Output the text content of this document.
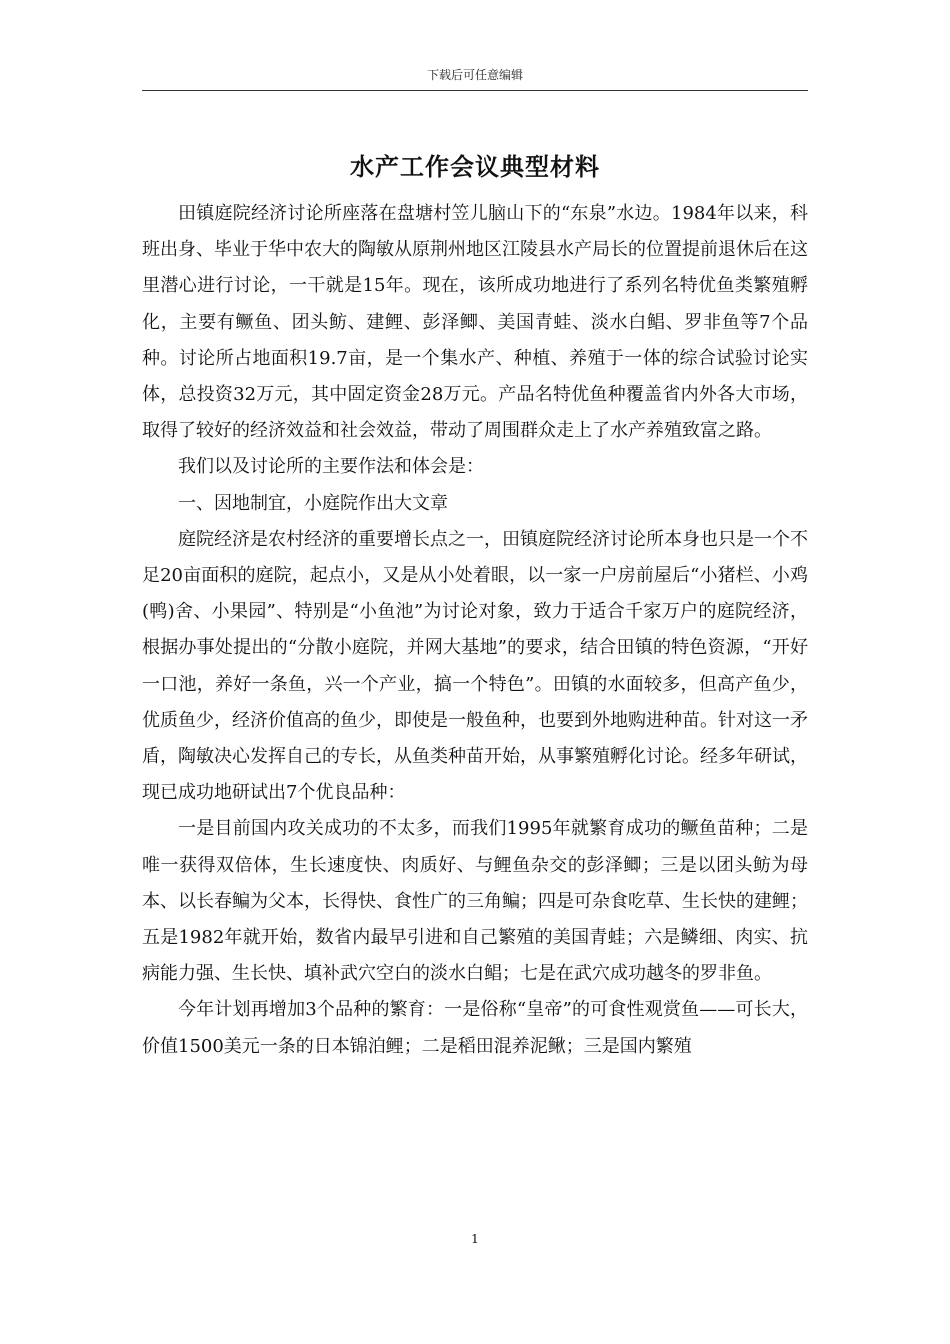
下载后可任意编辑
水产工作会议典型材料

田镇庭院经济讨论所座落在盘塘村笠儿脑山下的“东泉”水边。1984年以来，科班出身、毕业于华中农大的陶敏从原荆州地区江陵县水产局长的位置提前退休后在这里潜心进行讨论，一干就是15年。现在，该所成功地进行了系列名特优鱼类繁殖孵化，主要有鳜鱼、团头鲂、建鲤、彭泽鲫、美国青蛙、淡水白鲳、罗非鱼等7个品种。讨论所占地面积19.7亩，是一个集水产、种植、养殖于一体的综合试验讨论实体，总投资32万元，其中固定资金28万元。产品名特优鱼种覆盖省内外各大市场，取得了较好的经济效益和社会效益，带动了周围群众走上了水产养殖致富之路。

我们以及讨论所的主要作法和体会是：

一、因地制宜，小庭院作出大文章

庭院经济是农村经济的重要增长点之一，田镇庭院经济讨论所本身也只是一个不足20亩面积的庭院，起点小，又是从小处着眼，以一家一户房前屋后“小猪栏、小鸡(鸭)舍、小果园”、特别是“小鱼池”为讨论对象，致力于适合千家万户的庭院经济，根据办事处提出的“分散小庭院，并网大基地”的要求，结合田镇的特色资源，“开好一口池，养好一条鱼，兴一个产业，搞一个特色”。田镇的水面较多，但高产鱼少，优质鱼少，经济价值高的鱼少，即使是一般鱼种，也要到外地购进种苗。针对这一矛盾，陶敏决心发挥自己的专长，从鱼类种苗开始，从事繁殖孵化讨论。经多年研试，现已成功地研试出7个优良品种：

一是目前国内攻关成功的不太多，而我们1995年就繁育成功的鳜鱼苗种；二是唯一获得双倍体，生长速度快、肉质好、与鲤鱼杂交的彭泽鲫；三是以团头鲂为母本、以长春鳊为父本，长得快、食性广的三角鳊；四是可杂食吃草、生长快的建鲤；五是1982年就开始，数省内最早引进和自己繁殖的美国青蛙；六是鳞细、肉实、抗病能力强、生长快、填补武穴空白的淡水白鲳；七是在武穴成功越冬的罗非鱼。

今年计划再增加3个品种的繁育：一是俗称“皇帝”的可食性观赏鱼——可长大，价值1500美元一条的日本锦泊鲤；二是稻田混养泥鳅；三是国内繁殖

1
